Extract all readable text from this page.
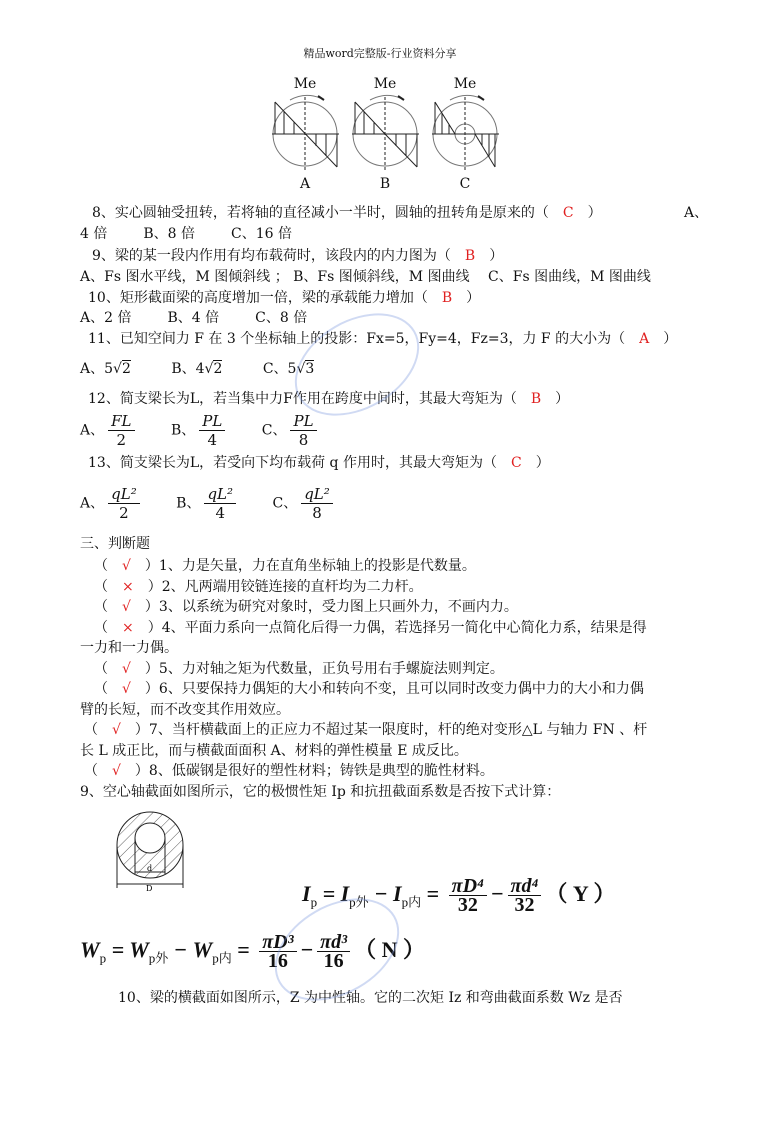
精品word完整版-行业资料分享
Me	Me	Me
A	B	C
8、实心圆轴受扭转，若将轴的直径减小一半时，圆轴的扭转角是原来的（ C ）	A、
4 倍	B、8 倍	C、16 倍
9、梁的某一段内作用有均布载荷时，该段内的内力图为（ B ）
A、Fs 图水平线，M 图倾斜线 ； B、Fs 图倾斜线，M 图曲线　 C、Fs 图曲线，M 图曲线
10、矩形截面梁的高度增加一倍，梁的承载能力增加（ B ）
A、2 倍	B、4 倍	C、8 倍
11、已知空间力 F 在 3 个坐标轴上的投影：Fx=5，Fy=4，Fz=3，力 F 的大小为（ A ）
A、5√2	B、4√2	C、5√3
12、简支梁长为L，若当集中力F作用在跨度中间时，其最大弯矩为（ B ）
A、 $\frac{FL}{2}$	B、 $\frac{PL}{4}$	C、 $\frac{PL}{8}$
13、简支梁长为L，若受向下均布载荷 q 作用时，其最大弯矩为（ C ）
A、 $\frac{\text{qL²}}{2}$	B、 $\frac{\text{qL²}}{4}$	C、 $\frac{\text{qL²}}{8}$
三、判断题
（ √ ）1、力是矢量，力在直角坐标轴上的投影是代数量。
（ × ）2、凡两端用铰链连接的直杆均为二力杆。
（ √ ）3、以系统为研究对象时，受力图上只画外力，不画内力。
（ × ）4、平面力系向一点简化后得一力偶，若选择另一简化中心简化力系，结果是得
一力和一力偶。
（ √ ）5、力对轴之矩为代数量，正负号用右手螺旋法则判定。
（ √ ）6、只要保持力偶矩的大小和转向不变，且可以同时改变力偶中力的大小和力偶
臂的长短，而不改变其作用效应。
（ √ ）7、当杆横截面上的正应力不超过某一限度时，杆的绝对变形△L 与轴力 FN 、杆
长 L 成正比，而与横截面面积 A、材料的弹性模量 E 成反比。
（ √ ）8、低碳钢是很好的塑性材料；铸铁是典型的脆性材料。
9、空心轴截面如图所示，它的极惯性矩 Ip 和抗扭截面系数是否按下式计算：
d
D	$I_p = I_{p外} - I_{p内} = \frac{\text{πD⁴}}{32} - \frac{\text{πd⁴}}{32}$ （ Y ）
$W_p = W_{p外} - W_{p内} = \frac{\text{πD³}}{16} - \frac{\text{πd³}}{16}$ （ N ）
10、梁的横截面如图所示，Z 为中性轴。它的二次矩 Iz 和弯曲截面系数 Wz 是否
